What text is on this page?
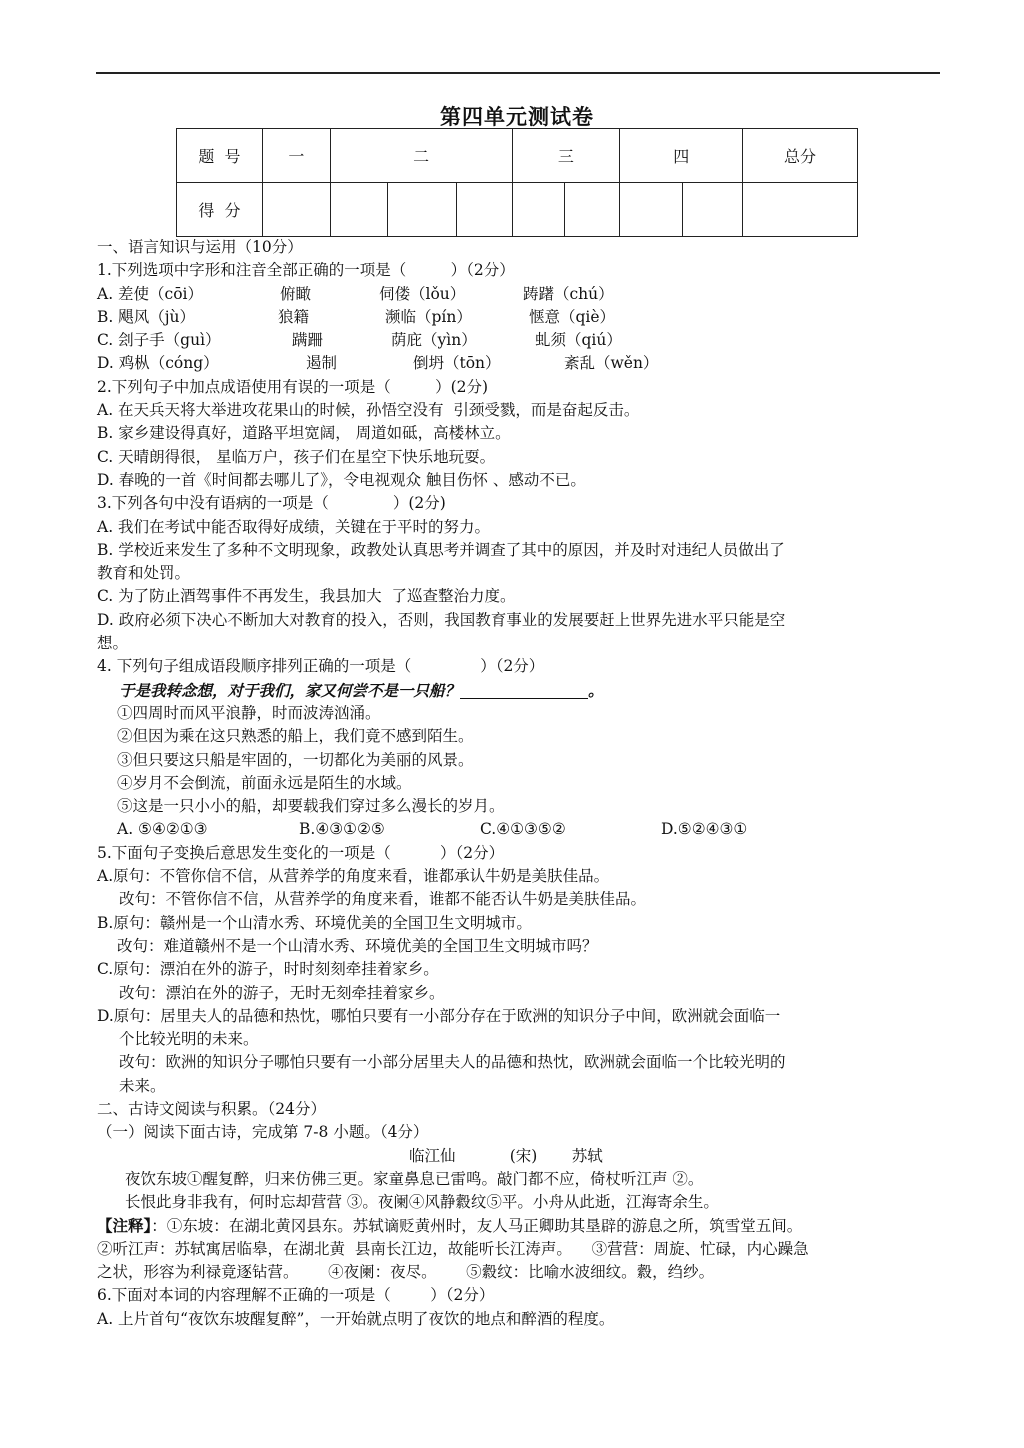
第四单元测试卷
题  号	一	二			三		四		总分
得  分									
一、语言知识与运用（10分）
1.下列选项中字形和注音全部正确的一项是（         ）（2分）
A. 差使（cōi）	俯瞰	伺偻（lǒu）	踌躇（chú）
B. 飓风（jù）	狼籍	濒临（pín）	惬意（qiè）
C. 刽子手（guì）	蹒跚	荫庇（yìn）	虬须（qiú）
D. 鸡枞（cóng）	遏制	倒坍（tōn）	紊乱（wěn）
2.下列句子中加点成语使用有误的一项是（         ）(2分)
A. 在天兵天将大举进攻花果山的时候，孙悟空没有  引颈受戮，而是奋起反击。
B. 家乡建设得真好，道路平坦宽阔， 周道如砥，高楼林立。
C. 天晴朗得很， 星临万户，孩子们在星空下快乐地玩耍。
D. 春晚的一首《时间都去哪儿了》，令电视观众 触目伤怀 、感动不已。
3.下列各句中没有语病的一项是（             ）(2分)
A. 我们在考试中能否取得好成绩，关键在于平时的努力。
B. 学校近来发生了多种不文明现象，政教处认真思考并调查了其中的原因，并及时对违纪人员做出了
教育和处罚。
C. 为了防止酒驾事件不再发生，我县加大  了巡查整治力度。
D. 政府必须下决心不断加大对教育的投入，否则，我国教育事业的发展要赶上世界先进水平只能是空
想。
4. 下列句子组成语段顺序排列正确的一项是（              ）（2分）
于是我转念想，对于我们，家又何尝不是一只船？	。
①四周时而风平浪静，时而波涛汹涌。
②但因为乘在这只熟悉的船上，我们竟不感到陌生。
③但只要这只船是牢固的，一切都化为美丽的风景。
④岁月不会倒流，前面永远是陌生的水域。
⑤这是一只小小的船，却要载我们穿过多么漫长的岁月。
A. ⑤④②①③	B.④③①②⑤	C.④①③⑤②	D.⑤②④③①
5.下面句子变换后意思发生变化的一项是（          ）（2分）
A.原句：不管你信不信，从营养学的角度来看，谁都承认牛奶是美肤佳品。
改句：不管你信不信，从营养学的角度来看，谁都不能否认牛奶是美肤佳品。
B.原句：赣州是一个山清水秀、环境优美的全国卫生文明城市。
改句：难道赣州不是一个山清水秀、环境优美的全国卫生文明城市吗？
C.原句：漂泊在外的游子，时时刻刻牵挂着家乡。
改句：漂泊在外的游子，无时无刻牵挂着家乡。
D.原句：居里夫人的品德和热忱，哪怕只要有一小部分存在于欧洲的知识分子中间，欧洲就会面临一
个比较光明的未来。
改句：欧洲的知识分子哪怕只要有一小部分居里夫人的品德和热忱，欧洲就会面临一个比较光明的
未来。
二、古诗文阅读与积累。（24分）
（一）阅读下面古诗，完成第 7-8 小题。（4分）
临江仙           (宋)       苏轼
夜饮东坡①醒复醉，归来仿佛三更。家童鼻息已雷鸣。敲门都不应，倚杖听江声 ②。
长恨此身非我有，何时忘却营营 ③。夜阑④风静縠纹⑤平。小舟从此逝，江海寄余生。
【注释】：①东坡：在湖北黄冈县东。苏轼谪贬黄州时，友人马正卿助其垦辟的游息之所，筑雪堂五间。
②听江声：苏轼寓居临皋，在湖北黄  县南长江边，故能听长江涛声。    ③营营：周旋、忙碌，内心躁急
之状，形容为利禄竟逐钻营。      ④夜阑：夜尽。      ⑤縠纹：比喻水波细纹。縠，绉纱。
6.下面对本词的内容理解不正确的一项是（        ）（2分）
A. 上片首句“夜饮东坡醒复醉”，一开始就点明了夜饮的地点和醉酒的程度。
